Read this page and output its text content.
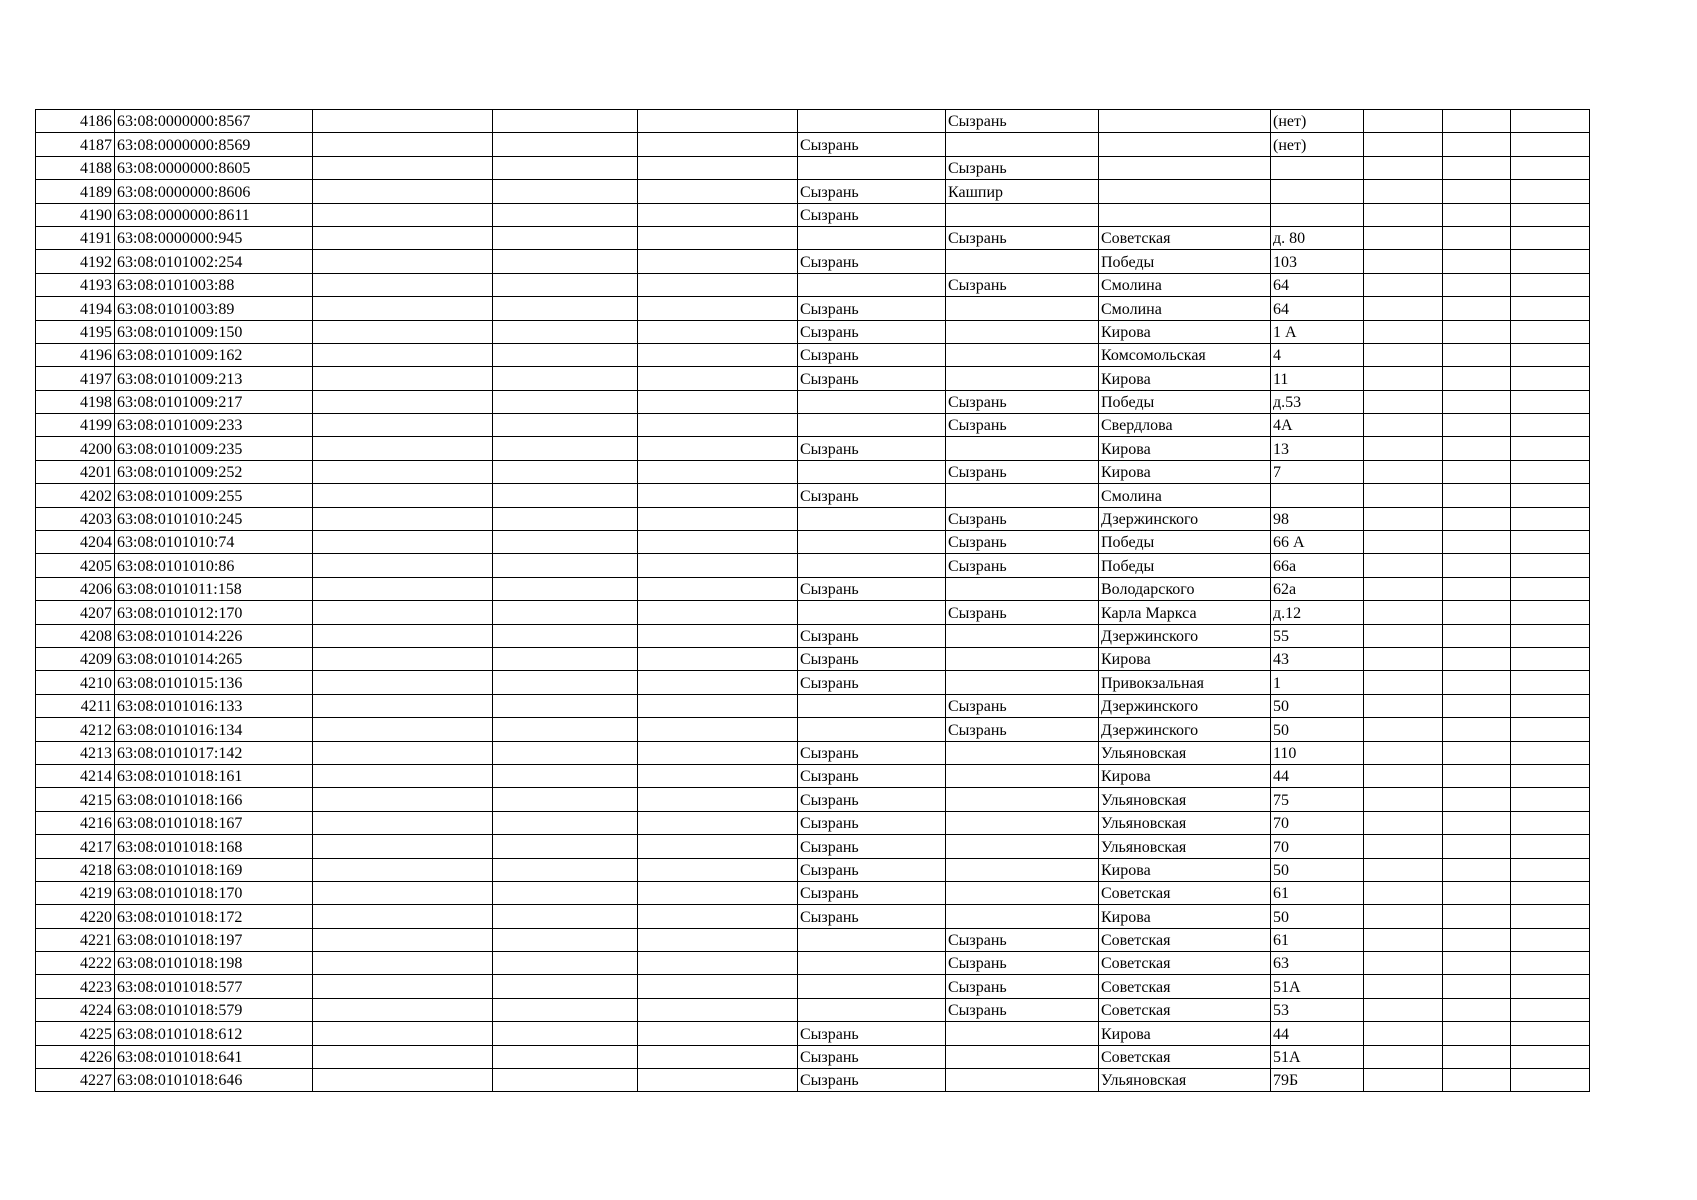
4186	63:08:0000000:8567					Сызрань		(нет)			
4187	63:08:0000000:8569				Сызрань			(нет)			
4188	63:08:0000000:8605					Сызрань					
4189	63:08:0000000:8606				Сызрань	Кашпир					
4190	63:08:0000000:8611				Сызрань						
4191	63:08:0000000:945					Сызрань	Советская	д. 80			
4192	63:08:0101002:254				Сызрань		Победы	103			
4193	63:08:0101003:88					Сызрань	Смолина	64			
4194	63:08:0101003:89				Сызрань		Смолина	64			
4195	63:08:0101009:150				Сызрань		Кирова	1 А			
4196	63:08:0101009:162				Сызрань		Комсомольская	4			
4197	63:08:0101009:213				Сызрань		Кирова	11			
4198	63:08:0101009:217					Сызрань	Победы	д.53			
4199	63:08:0101009:233					Сызрань	Свердлова	4А			
4200	63:08:0101009:235				Сызрань		Кирова	13			
4201	63:08:0101009:252					Сызрань	Кирова	7			
4202	63:08:0101009:255				Сызрань		Смолина				
4203	63:08:0101010:245					Сызрань	Дзержинского	98			
4204	63:08:0101010:74					Сызрань	Победы	66 А			
4205	63:08:0101010:86					Сызрань	Победы	66а			
4206	63:08:0101011:158				Сызрань		Володарского	62а			
4207	63:08:0101012:170					Сызрань	Карла Маркса	д.12			
4208	63:08:0101014:226				Сызрань		Дзержинского	55			
4209	63:08:0101014:265				Сызрань		Кирова	43			
4210	63:08:0101015:136				Сызрань		Привокзальная	1			
4211	63:08:0101016:133					Сызрань	Дзержинского	50			
4212	63:08:0101016:134					Сызрань	Дзержинского	50			
4213	63:08:0101017:142				Сызрань		Ульяновская	110			
4214	63:08:0101018:161				Сызрань		Кирова	44			
4215	63:08:0101018:166				Сызрань		Ульяновская	75			
4216	63:08:0101018:167				Сызрань		Ульяновская	70			
4217	63:08:0101018:168				Сызрань		Ульяновская	70			
4218	63:08:0101018:169				Сызрань		Кирова	50			
4219	63:08:0101018:170				Сызрань		Советская	61			
4220	63:08:0101018:172				Сызрань		Кирова	50			
4221	63:08:0101018:197					Сызрань	Советская	61			
4222	63:08:0101018:198					Сызрань	Советская	63			
4223	63:08:0101018:577					Сызрань	Советская	51А			
4224	63:08:0101018:579					Сызрань	Советская	53			
4225	63:08:0101018:612				Сызрань		Кирова	44			
4226	63:08:0101018:641				Сызрань		Советская	51А			
4227	63:08:0101018:646				Сызрань		Ульяновская	79Б			
